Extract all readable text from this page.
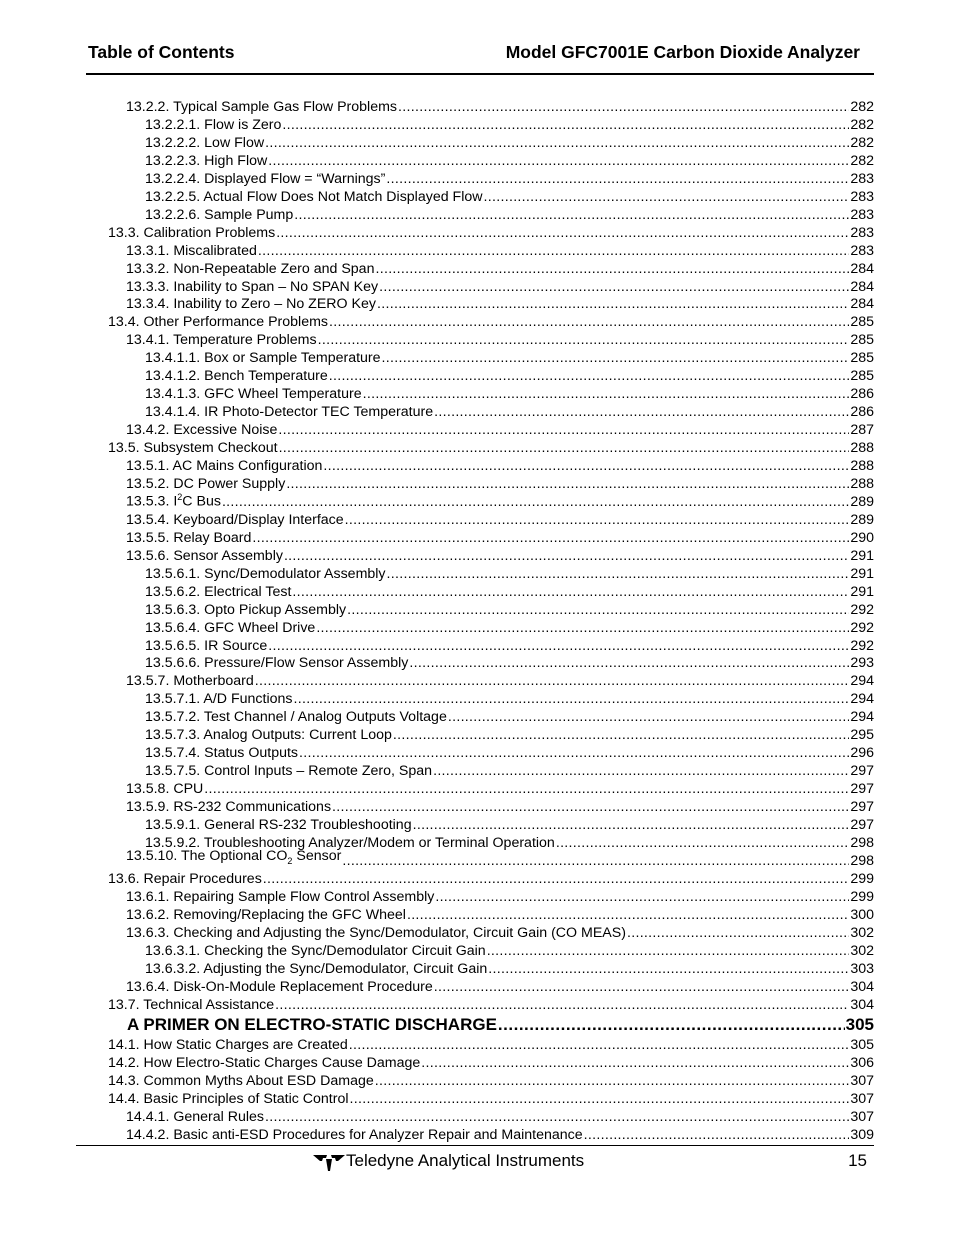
Table of Contents	Model GFC7001E Carbon Dioxide Analyzer
13.2.2. Typical Sample Gas Flow Problems .....	282
13.2.2.1. Flow is Zero .....	282
13.2.2.2. Low Flow .....	282
13.2.2.3. High Flow .....	282
13.2.2.4. Displayed Flow = “Warnings” .....	283
13.2.2.5. Actual Flow Does Not Match Displayed Flow .....	283
13.2.2.6. Sample Pump .....	283
13.3. Calibration Problems .....	283
13.3.1. Miscalibrated .....	283
13.3.2. Non-Repeatable Zero and Span .....	284
13.3.3. Inability to Span – No SPAN Key .....	284
13.3.4. Inability to Zero – No ZERO Key .....	284
13.4. Other Performance Problems .....	285
13.4.1. Temperature Problems .....	285
13.4.1.1. Box or Sample Temperature .....	285
13.4.1.2. Bench Temperature .....	285
13.4.1.3. GFC Wheel Temperature .....	286
13.4.1.4. IR Photo-Detector TEC Temperature .....	286
13.4.2. Excessive Noise .....	287
13.5. Subsystem Checkout .....	288
13.5.1. AC Mains Configuration .....	288
13.5.2. DC Power Supply .....	288
13.5.3. $I^2C$ Bus .....	289
13.5.4. Keyboard/Display Interface .....	289
13.5.5. Relay Board .....	290
13.5.6. Sensor Assembly .....	291
13.5.6.1. Sync/Demodulator Assembly .....	291
13.5.6.2. Electrical Test .....	291
13.5.6.3. Opto Pickup Assembly .....	292
13.5.6.4. GFC Wheel Drive .....	292
13.5.6.5. IR Source .....	292
13.5.6.6. Pressure/Flow Sensor Assembly .....	293
13.5.7. Motherboard .....	294
13.5.7.1. A/D Functions .....	294
13.5.7.2. Test Channel / Analog Outputs Voltage .....	294
13.5.7.3. Analog Outputs: Current Loop .....	295
13.5.7.4. Status Outputs .....	296
13.5.7.5. Control Inputs – Remote Zero, Span .....	297
13.5.8. CPU .....	297
13.5.9. RS-232 Communications .....	297
13.5.9.1. General RS-232 Troubleshooting .....	297
13.5.9.2. Troubleshooting Analyzer/Modem or Terminal Operation .....	298
13.5.10. The Optional $CO_2$ Sensor .....	298
13.6. Repair Procedures .....	299
13.6.1. Repairing Sample Flow Control Assembly .....	299
13.6.2. Removing/Replacing the GFC Wheel .....	300
13.6.3. Checking and Adjusting the Sync/Demodulator, Circuit Gain (CO MEAS) .....	302
13.6.3.1. Checking the Sync/Demodulator Circuit Gain .....	302
13.6.3.2. Adjusting the Sync/Demodulator, Circuit Gain .....	303
13.6.4. Disk-On-Module Replacement Procedure .....	304
13.7. Technical Assistance .....	304
A PRIMER ON ELECTRO-STATIC DISCHARGE .....	305
14.1. How Static Charges are Created .....	305
14.2. How Electro-Static Charges Cause Damage .....	306
14.3. Common Myths About ESD Damage .....	307
14.4. Basic Principles of Static Control .....	307
14.4.1. General Rules .....	307
14.4.2. Basic anti-ESD Procedures for Analyzer Repair and Maintenance .....	309
Teledyne Analytical Instruments	15
